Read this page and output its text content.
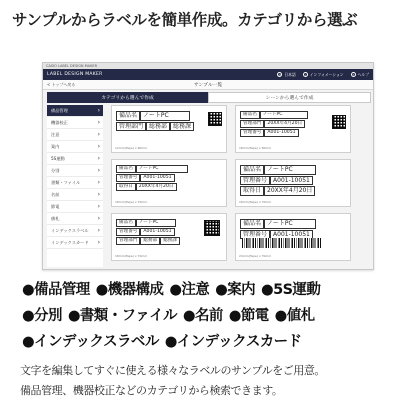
サンプルからラベルを簡単作成。カテゴリから選ぶ
CASIO LABEL DESIGN MAKER
LABEL DESIGN MAKER	◎ 日本語	i	インフォメーション	? ヘルプ
< トップへ戻る	サンプル一覧
カテゴリから選んで作成	シーンから選んで作成
備品管理	›
機器校正	›
注意	›
案内	›
5S運動	›
分別	›
書類・ファイル	›
名前	›
節電	›
値札	›
インデックスラベル ›
インデックスカード ›
備品名	ノートPC
管理部門	総務部	総務課
12mm(Tape) x 60mm
備品名	ノートPC
管理部門	20XX年4月20日
管理番号	A001-10051
18mm(Tape) x 60mm
備品名	ノートPC
管理番号	A001-10051
取得日	20XX年4月20日
18mm(Tape) x 70mm
備品名	ノートPC
管理番号	A001-10051
取得日	20XX年4月20日
18mm(Tape) x 70mm
備品名	ノートPC
管理番号	A001-10051
管理部門	総務部	総務課
18mm(Tape) x 70mm
備品名	ノートPC
管理番号	A001-10051
24mm(Tape) x 70mm
●備品管理 ●機器構成 ●注意 ●案内 ●5S運動
●分別 ●書類・ファイル ●名前 ●節電 ●値札
●インデックスラベル ●インデックスカード

文字を編集してすぐに使える様々なラベルのサンプルをご用意。

備品管理、機器校正などのカテゴリから検索できます。
